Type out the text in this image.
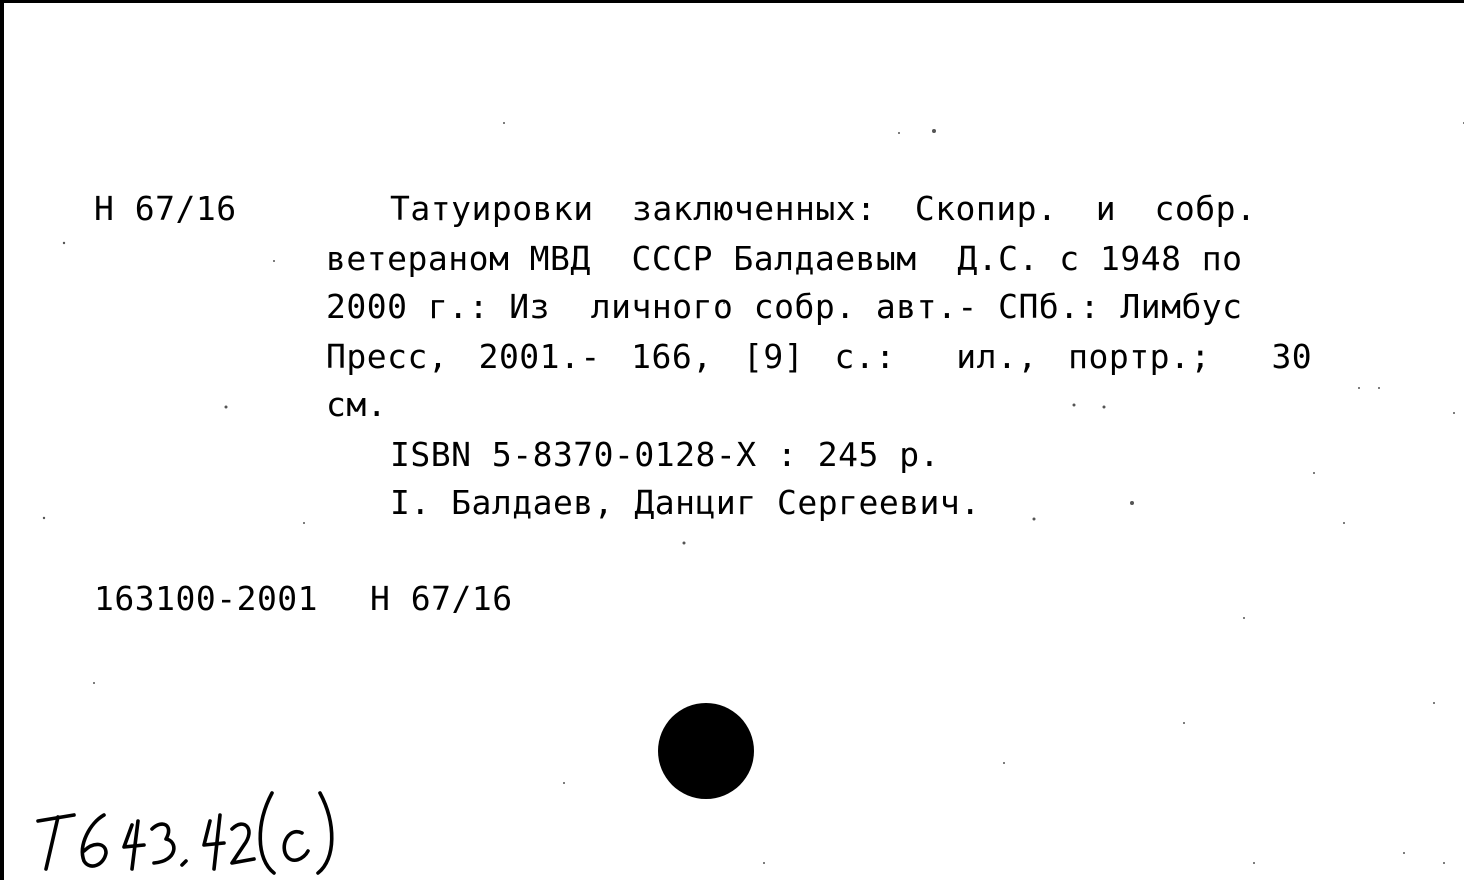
Н 67/16	Татуировки заключенных: Скопир. и собр.
ветераном МВД  СССР Балдаевым  Д.С. с 1948 по
2000 г.: Из  личного собр. авт.- СПб.: Лимбус
Пресс, 2001.- 166, [9] с.:  ил., портр.;  30
см.
ISBN 5-8370-0128-X : 245 р.
I. Балдаев, Данциг Сергеевич.
163100-2001 Н 67/16
